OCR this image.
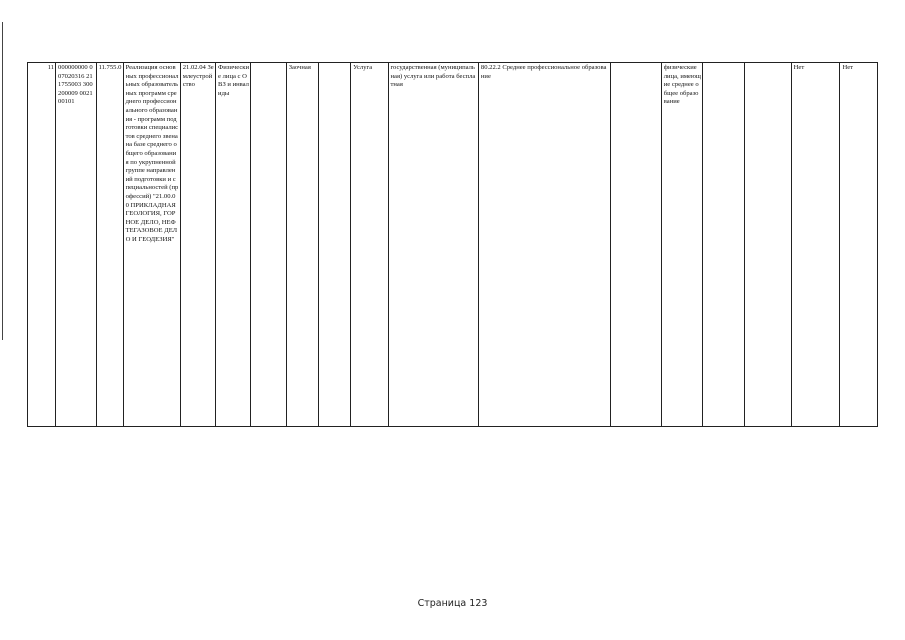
11	000000000 007020316 211755003 300200009 002100101	11.755.0	Реализация основных профессиональных образовательных программ среднего профессионального образования - программ подготовки специалистов среднего звена на базе среднего общего образования по укрупненной группе направлений подготовки и специальностей (профессий) "21.00.00 ПРИКЛАДНАЯ ГЕОЛОГИЯ, ГОРНОЕ ДЕЛО, НЕФТЕГАЗОВОЕ ДЕЛО И ГЕОДЕЗИЯ"	21.02.04 Землеустройство	Физические лица с ОВЗ и инвалиды		Заочная		Услуга	государственная (муниципальная) услуга или работа бесплатная	80.22.2 Среднее профессиональное образование		физические лица, имеющие среднее общее образование			Нет	Нет
Страница 123
